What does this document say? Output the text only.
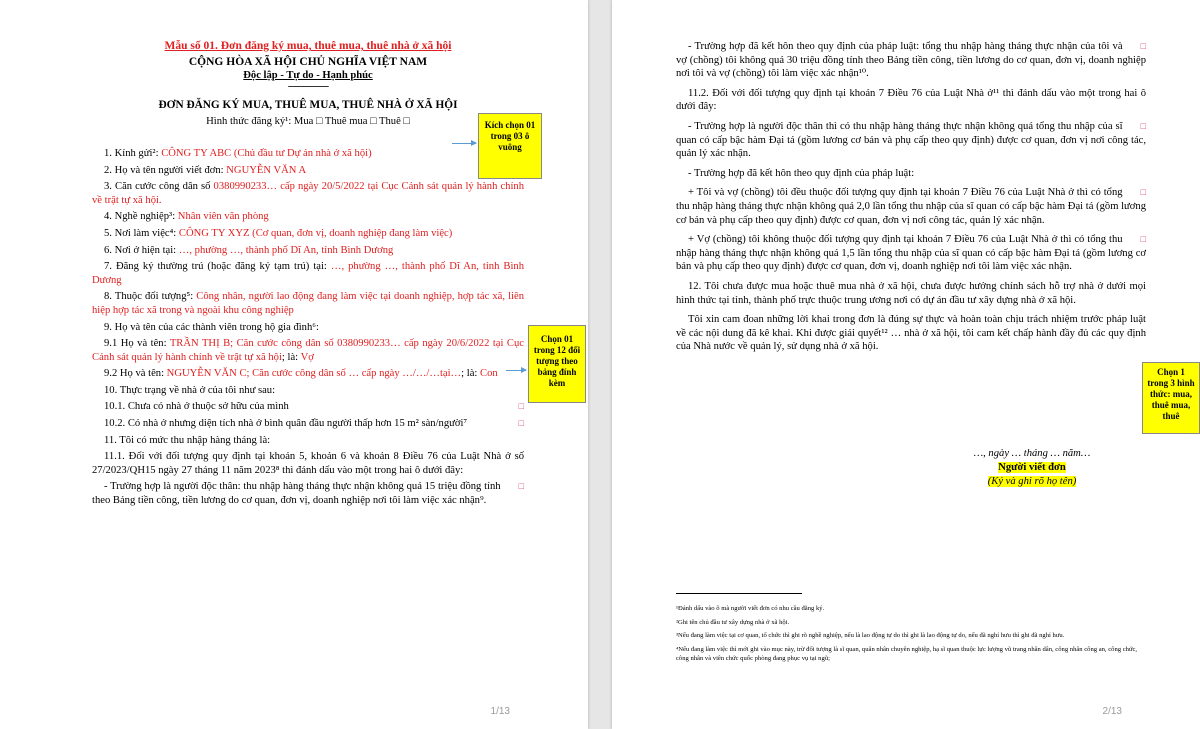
Mẫu số 01. Đơn đăng ký mua, thuê mua, thuê nhà ở xã hội
CỘNG HÒA XÃ HỘI CHỦ NGHĨA VIỆT NAM
Độc lập - Tự do - Hạnh phúc
----------------
ĐƠN ĐĂNG KÝ MUA, THUÊ MUA, THUÊ NHÀ Ở XÃ HỘI
Hình thức đăng ký¹: Mua □ Thuê mua □ Thuê □

1. Kính gửi²: CÔNG TY ABC (Chủ đầu tư Dự án nhà ở xã hội)

2. Họ và tên người viết đơn: NGUYỄN VĂN A

3. Căn cước công dân số 0380990233… cấp ngày 20/5/2022 tại Cục Cảnh sát quản lý hành chính về trật tự xã hội.

4. Nghề nghiệp³: Nhân viên văn phòng

5. Nơi làm việc⁴: CÔNG TY XYZ (Cơ quan, đơn vị, doanh nghiệp đang làm việc)

6. Nơi ở hiện tại: …, phường …, thành phố Dĩ An, tỉnh Bình Dương

7. Đăng ký thường trú (hoặc đăng ký tạm trú) tại: …, phường …, thành phố Dĩ An, tỉnh Bình Dương

8. Thuộc đối tượng⁵: Công nhân, người lao động đang làm việc tại doanh nghiệp, hợp tác xã, liên hiệp hợp tác xã trong và ngoài khu công nghiệp

9. Họ và tên của các thành viên trong hộ gia đình⁶:

9.1 Họ và tên: TRẦN THỊ B; Căn cước công dân số 0380990233… cấp ngày 20/6/2022 tại Cục Cảnh sát quản lý hành chính về trật tự xã hội; là: Vợ

9.2 Họ và tên: NGUYỄN VĂN C; Căn cước công dân số … cấp ngày …/…/…tại…; là: Con

10. Thực trạng về nhà ở của tôi như sau:

□
10.1. Chưa có nhà ở thuộc sở hữu của mình

□
10.2. Có nhà ở nhưng diện tích nhà ở bình quân đầu người thấp hơn 15 m² sàn/người⁷

11. Tôi có mức thu nhập hàng tháng là:

11.1. Đối với đối tượng quy định tại khoản 5, khoản 6 và khoản 8 Điều 76 của Luật Nhà ở số 27/2023/QH15 ngày 27 tháng 11 năm 2023⁸ thì đánh dấu vào một trong hai ô dưới đây:

□
- Trường hợp là người độc thân: thu nhập hàng tháng thực nhận không quá 15 triệu đồng tính theo Bảng tiền công, tiền lương do cơ quan, đơn vị, doanh nghiệp nơi tôi làm việc xác nhận⁹.

Kích chọn 01 trong 03 ô vuông
Chọn 01 trong 12 đối tượng theo bảng đính kèm
1/13

□
- Trường hợp đã kết hôn theo quy định của pháp luật: tổng thu nhập hàng tháng thực nhận của tôi và vợ (chồng) tôi không quá 30 triệu đồng tính theo Bảng tiền công, tiền lương do cơ quan, đơn vị, doanh nghiệp nơi tôi và vợ (chồng) tôi làm việc xác nhận¹⁰.

11.2. Đối với đối tượng quy định tại khoản 7 Điều 76 của Luật Nhà ở¹¹ thì đánh dấu vào một trong hai ô dưới đây:

□
- Trường hợp là người độc thân thì có thu nhập hàng tháng thực nhận không quá tổng thu nhập của sĩ quan có cấp bậc hàm Đại tá (gồm lương cơ bản và phụ cấp theo quy định) được cơ quan, đơn vị nơi công tác, quản lý xác nhận.

- Trường hợp đã kết hôn theo quy định của pháp luật:

□
+ Tôi và vợ (chồng) tôi đều thuộc đối tượng quy định tại khoản 7 Điều 76 của Luật Nhà ở thì có tổng thu nhập hàng tháng thực nhận không quá 2,0 lần tổng thu nhập của sĩ quan có cấp bậc hàm Đại tá (gồm lương cơ bản và phụ cấp theo quy định) được cơ quan, đơn vị nơi công tác, quản lý xác nhận.

□
+ Vợ (chồng) tôi không thuộc đối tượng quy định tại khoản 7 Điều 76 của Luật Nhà ở thì có tổng thu nhập hàng tháng thực nhận không quá 1,5 lần tổng thu nhập của sĩ quan có cấp bậc hàm Đại tá (gồm lương cơ bản và phụ cấp theo quy định) được cơ quan, đơn vị, doanh nghiệp nơi tôi làm việc xác nhận.

12. Tôi chưa được mua hoặc thuê mua nhà ở xã hội, chưa được hưởng chính sách hỗ trợ nhà ở dưới mọi hình thức tại tỉnh, thành phố trực thuộc trung ương nơi có dự án đầu tư xây dựng nhà ở xã hội.

Tôi xin cam đoan những lời khai trong đơn là đúng sự thực và hoàn toàn chịu trách nhiệm trước pháp luật về các nội dung đã kê khai. Khi được giải quyết¹² … nhà ở xã hội, tôi cam kết chấp hành đầy đủ các quy định của Nhà nước về quản lý, sử dụng nhà ở xã hội.

…, ngày … tháng … năm…
Người viết đơn
(Ký và ghi rõ họ tên)
Chọn 1 trong 3 hình thức: mua, thuê mua, thuê

¹Đánh dấu vào ô mà người viết đơn có nhu cầu đăng ký.

²Ghi tên chủ đầu tư xây dựng nhà ở xã hội.

³Nếu đang làm việc tại cơ quan, tổ chức thì ghi rõ nghề nghiệp, nếu là lao động tự do thì ghi là lao động tự do, nếu đã nghỉ hưu thì ghi đã nghỉ hưu.

⁴Nếu đang làm việc thì mới ghi vào mục này, trừ đối tượng là sĩ quan, quân nhân chuyên nghiệp, hạ sĩ quan thuộc lực lượng vũ trang nhân dân, công nhân công an, công chức, công nhân và viên chức quốc phòng đang phục vụ tại ngũ;

2/13
